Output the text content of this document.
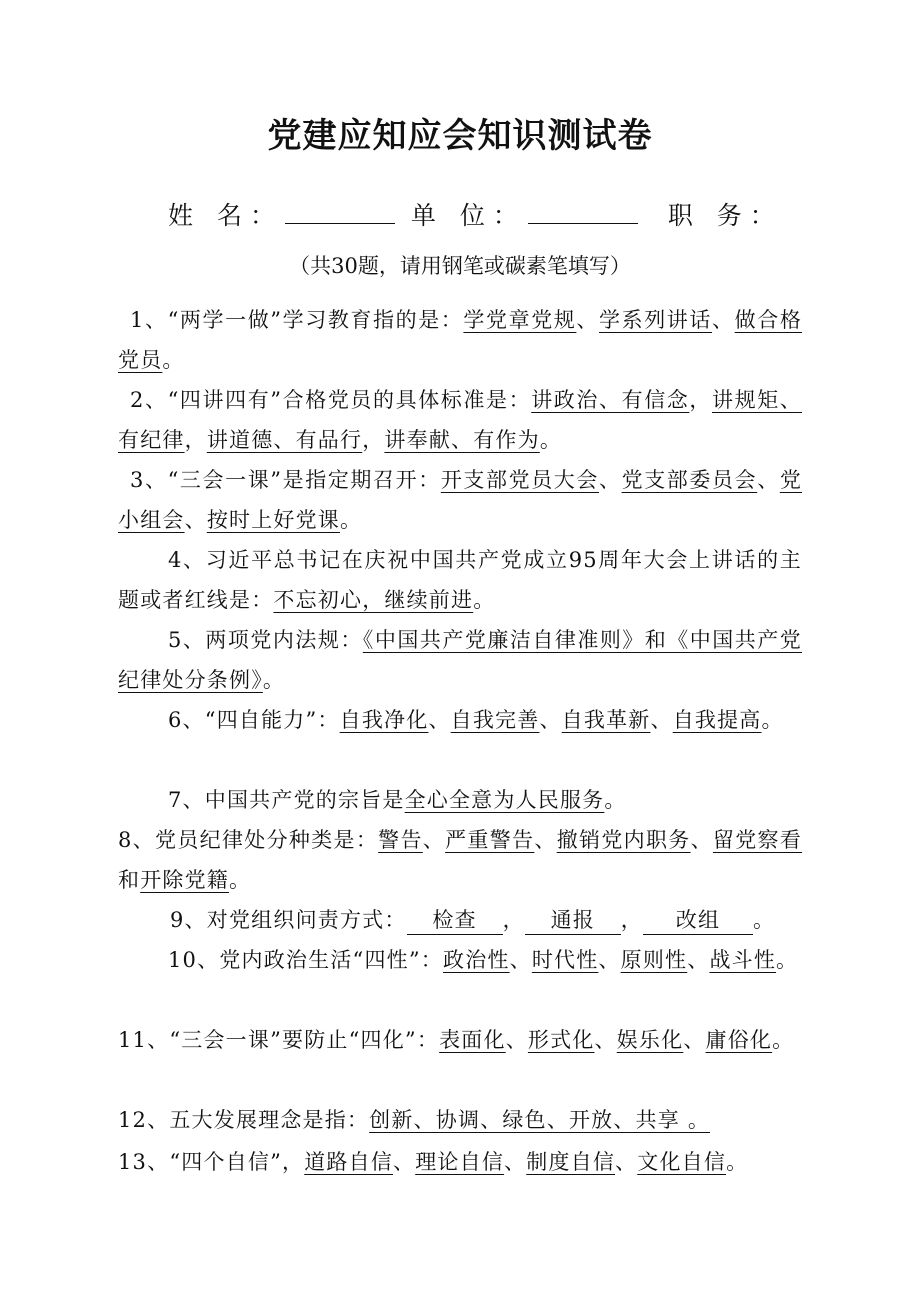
党建应知应会知识测试卷
姓 名：	单 位：	职 务：
（共30题，请用钢笔或碳素笔填写）
1、“两学一做”学习教育指的是：学党章党规、学系列讲话、做合格党员。
2、“四讲四有”合格党员的具体标准是：讲政治、有信念，讲规矩、有纪律，讲道德、有品行，讲奉献、有作为。
3、“三会一课”是指定期召开：开支部党员大会、党支部委员会、党小组会、按时上好党课。
4、习近平总书记在庆祝中国共产党成立95周年大会上讲话的主题或者红线是：不忘初心，继续前进。
5、两项党内法规：《中国共产党廉洁自律准则》和《中国共产党纪律处分条例》。
6、“四自能力”：自我净化、自我完善、自我革新、自我提高。
7、中国共产党的宗旨是全心全意为人民服务。
8、党员纪律处分种类是：警告、严重警告、撤销党内职务、留党察看和开除党籍。
9、对党组织问责方式： 检查 ， 通报 ， 改组 。
10、党内政治生活“四性”：政治性、时代性、原则性、战斗性。
11、“三会一课”要防止“四化”：表面化、形式化、娱乐化、庸俗化。
12、五大发展理念是指：创新、协调、绿色、开放、共享 。
13、“四个自信”，道路自信、理论自信、制度自信、文化自信。
